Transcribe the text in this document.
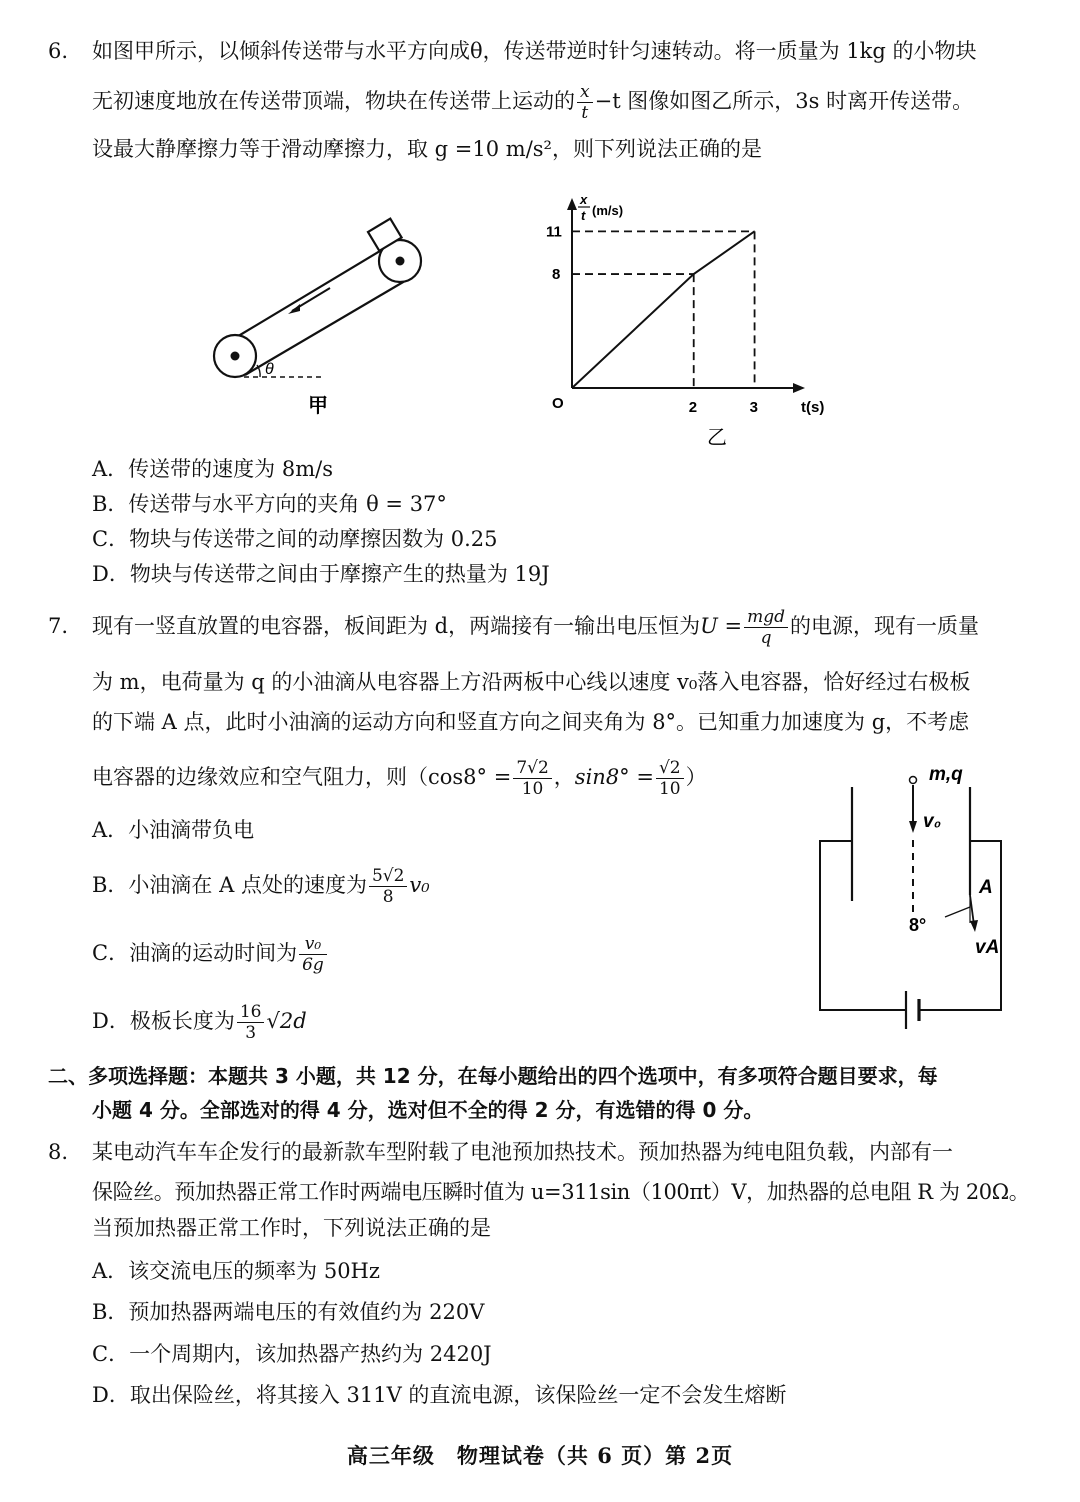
6. 如图甲所示，以倾斜传送带与水平方向成θ，传送带逆时针匀速转动。将一质量为 1kg 的小物块
无初速度地放在传送带顶端，物块在传送带上运动的 $\frac{x}{t} -t$ 图像如图乙所示，3s 时离开传送带。
设最大静摩擦力等于滑动摩擦力，取 g =10 m/s²，则下列说法正确的是
θ
甲
x
t (m/s)
t(s)
O	2	3
8
11
乙
A．传送带的速度为 8m/s
B．传送带与水平方向的夹角 θ = 37°
C．物块与传送带之间的动摩擦因数为 0.25
D．物块与传送带之间由于摩擦产生的热量为 19J
7. 现有一竖直放置的电容器，板间距为 d，两端接有一输出电压恒为$U = \frac{\text{mgd}}{q}$ 的电源，现有一质量
为 m，电荷量为 q 的小油滴从电容器上方沿两板中心线以速度 v₀落入电容器，恰好经过右极板
的下端 A 点，此时小油滴的运动方向和竖直方向之间夹角为 8°。已知重力加速度为 g，不考虑
电容器的边缘效应和空气阻力，则（$\cos 8^\circ = \frac{7√2}{10}$ ，$\sin 8^\circ = \frac{√2}{10}$ ）
A．小油滴带负电
B．小油滴在 A 点处的速度为 $\frac{5√2}{8} v_0$
C．油滴的运动时间为 $\frac{\text{v₀}}{6g}$
D．极板长度为 $\frac{16}{3} √2d$
m,q
v₀
A
8°
vA
二、多项选择题：本题共 3 小题，共 12 分，在每小题给出的四个选项中，有多项符合题目要求，每
小题 4 分。全部选对的得 4 分，选对但不全的得 2 分，有选错的得 0 分。
8. 某电动汽车车企发行的最新款车型附载了电池预加热技术。预加热器为纯电阻负载，内部有一
保险丝。预加热器正常工作时两端电压瞬时值为 u=311sin（100πt）V，加热器的总电阻 R 为 20Ω。
当预加热器正常工作时，下列说法正确的是
A．该交流电压的频率为 50Hz
B．预加热器两端电压的有效值约为 220V
C．一个周期内，该加热器产热约为 2420J
D．取出保险丝，将其接入 311V 的直流电源，该保险丝一定不会发生熔断
高三年级　物理试卷（共 6 页）第 2页
